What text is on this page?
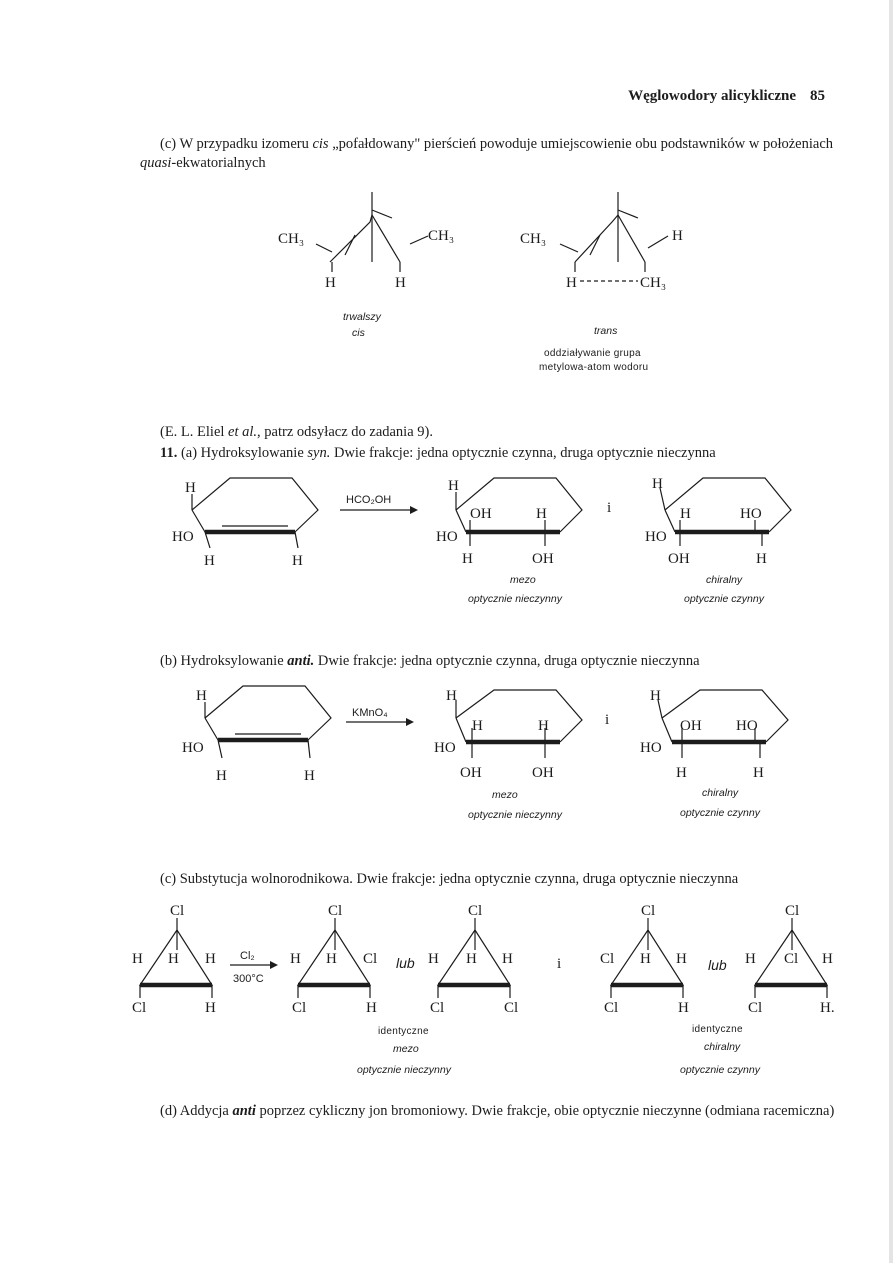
Węglowodory alicykliczne 85
(c) W przypadku izomeru cis „pofałdowany" pierścień powoduje umiejscowienie obu podstawników w położeniach quasi-ekwatorialnych
(E. L. Eliel et al., patrz odsyłacz do zadania 9).
11. (a) Hydroksylowanie syn. Dwie frakcje: jedna optycznie czynna, druga optycznie nieczynna
(b) Hydroksylowanie anti. Dwie frakcje: jedna optycznie czynna, druga optycznie nieczynna
(c) Substytucja wolnorodnikowa. Dwie frakcje: jedna optycznie czynna, druga optycznie nieczynna
(d) Addycja anti poprzez cykliczny jon bromoniowy. Dwie frakcje, obie optycznie nieczynne (odmiana racemiczna)
CH₃	CH₃
H	H
trwalszy
cis
CH₃	H
H	CH₃
trans
oddziaływanie grupa
metylowa-atom wodoru
H
HO
H	H
HCO₂OH
H
OH	H
HO
H	OH
mezo
optycznie nieczynny
i
H
H	HO
HO
OH	H
chiralny
optycznie czynny
H
HO
H	H
KMnO₄
H
H	H
HO
OH	OH
mezo
optycznie nieczynny
i
H
OH HO
HO
H	H
chiralny
optycznie czynny
Cl
H H H
Cl	H
Cl₂
300°C
Cl
H H Cl
Cl	H
lub
Cl
H H H
Cl	Cl
identyczne
mezo
optycznie nieczynny
i
Cl
Cl H H
Cl	H
lub
Cl
H Cl H
Cl	H.
identyczne
chiralny
optycznie czynny
